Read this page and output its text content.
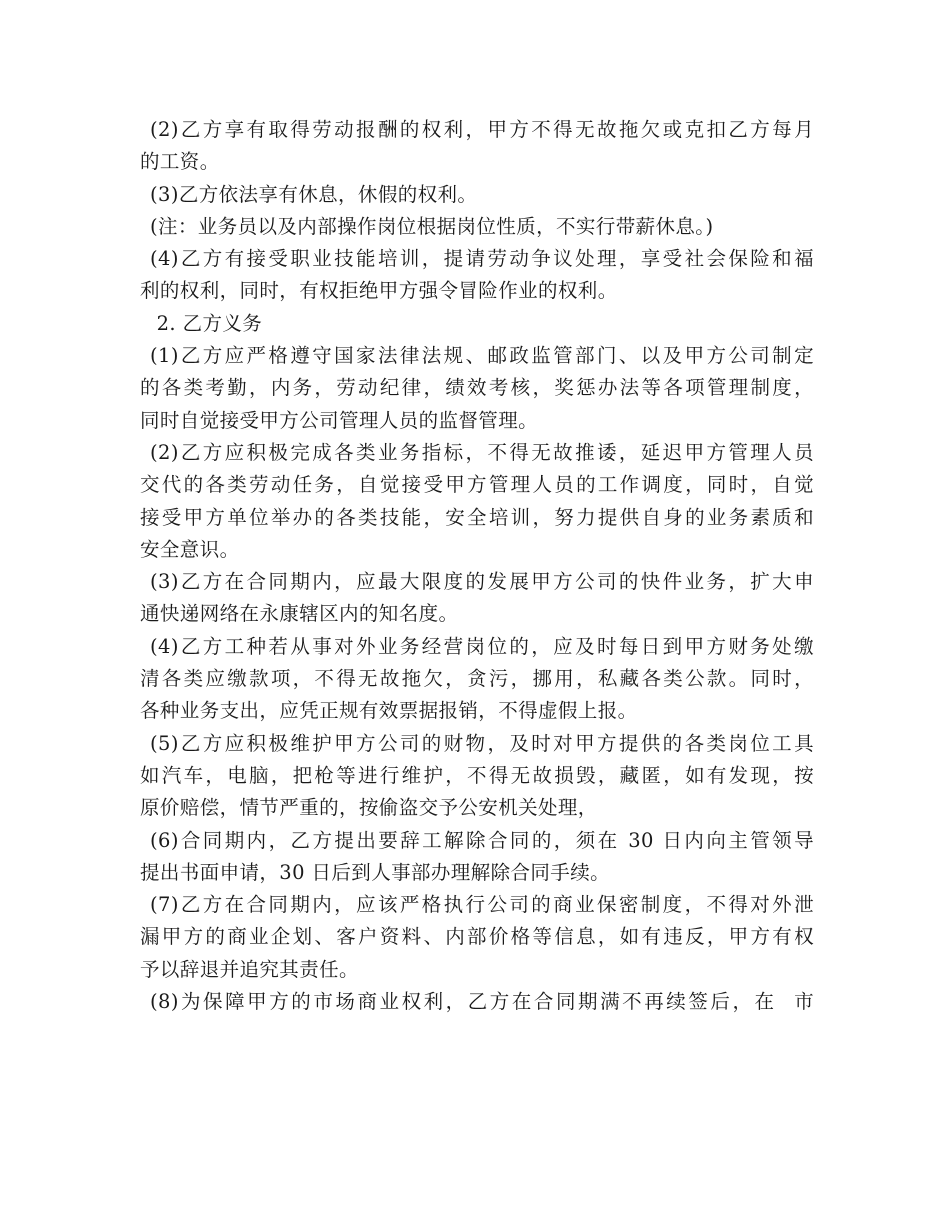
(2)乙方享有取得劳动报酬的权利，甲方不得无故拖欠或克扣乙方每月
的工资。

(3)乙方依法享有休息，休假的权利。

(注：业务员以及内部操作岗位根据岗位性质，不实行带薪休息。)

(4)乙方有接受职业技能培训，提请劳动争议处理，享受社会保险和福
利的权利，同时，有权拒绝甲方强令冒险作业的权利。

2. 乙方义务

(1)乙方应严格遵守国家法律法规、邮政监管部门、以及甲方公司制定
的各类考勤，内务，劳动纪律，绩效考核，奖惩办法等各项管理制度，
同时自觉接受甲方公司管理人员的监督管理。

(2)乙方应积极完成各类业务指标，不得无故推诿，延迟甲方管理人员
交代的各类劳动任务，自觉接受甲方管理人员的工作调度，同时，自觉
接受甲方单位举办的各类技能，安全培训，努力提供自身的业务素质和
安全意识。

(3)乙方在合同期内，应最大限度的发展甲方公司的快件业务，扩大申
通快递网络在永康辖区内的知名度。

(4)乙方工种若从事对外业务经营岗位的，应及时每日到甲方财务处缴
清各类应缴款项，不得无故拖欠，贪污，挪用，私藏各类公款。同时，
各种业务支出，应凭正规有效票据报销，不得虚假上报。

(5)乙方应积极维护甲方公司的财物，及时对甲方提供的各类岗位工具
如汽车，电脑，把枪等进行维护，不得无故损毁，藏匿，如有发现，按
原价赔偿，情节严重的，按偷盗交予公安机关处理，

(6)合同期内，乙方提出要辞工解除合同的，须在 30 日内向主管领导
提出书面申请，30 日后到人事部办理解除合同手续。

(7)乙方在合同期内，应该严格执行公司的商业保密制度，不得对外泄
漏甲方的商业企划、客户资料、内部价格等信息，如有违反，甲方有权
予以辞退并追究其责任。

(8)为保障甲方的市场商业权利，乙方在合同期满不再续签后，在  市
